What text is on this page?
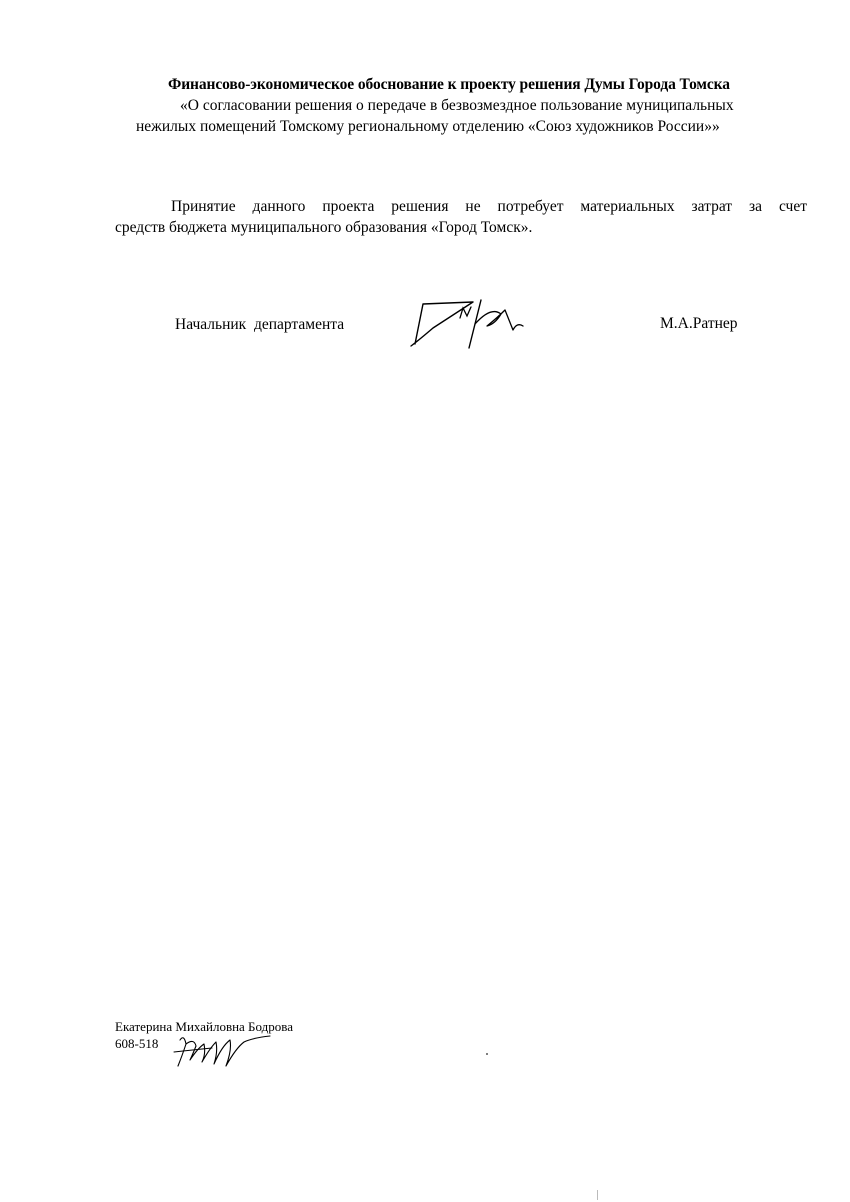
Финансово-экономическое обоснование к проекту решения Думы Города Томска
«О согласовании решения о передаче в безвозмездное пользование муниципальных
нежилых помещений Томскому региональному отделению «Союз художников России»»
Принятие данного проекта решения не потребует материальных затрат за счет
средств бюджета муниципального образования «Город Томск».
Начальник  департамента	М.А.Ратнер
Екатерина Михайловна Бодрова
608-518
